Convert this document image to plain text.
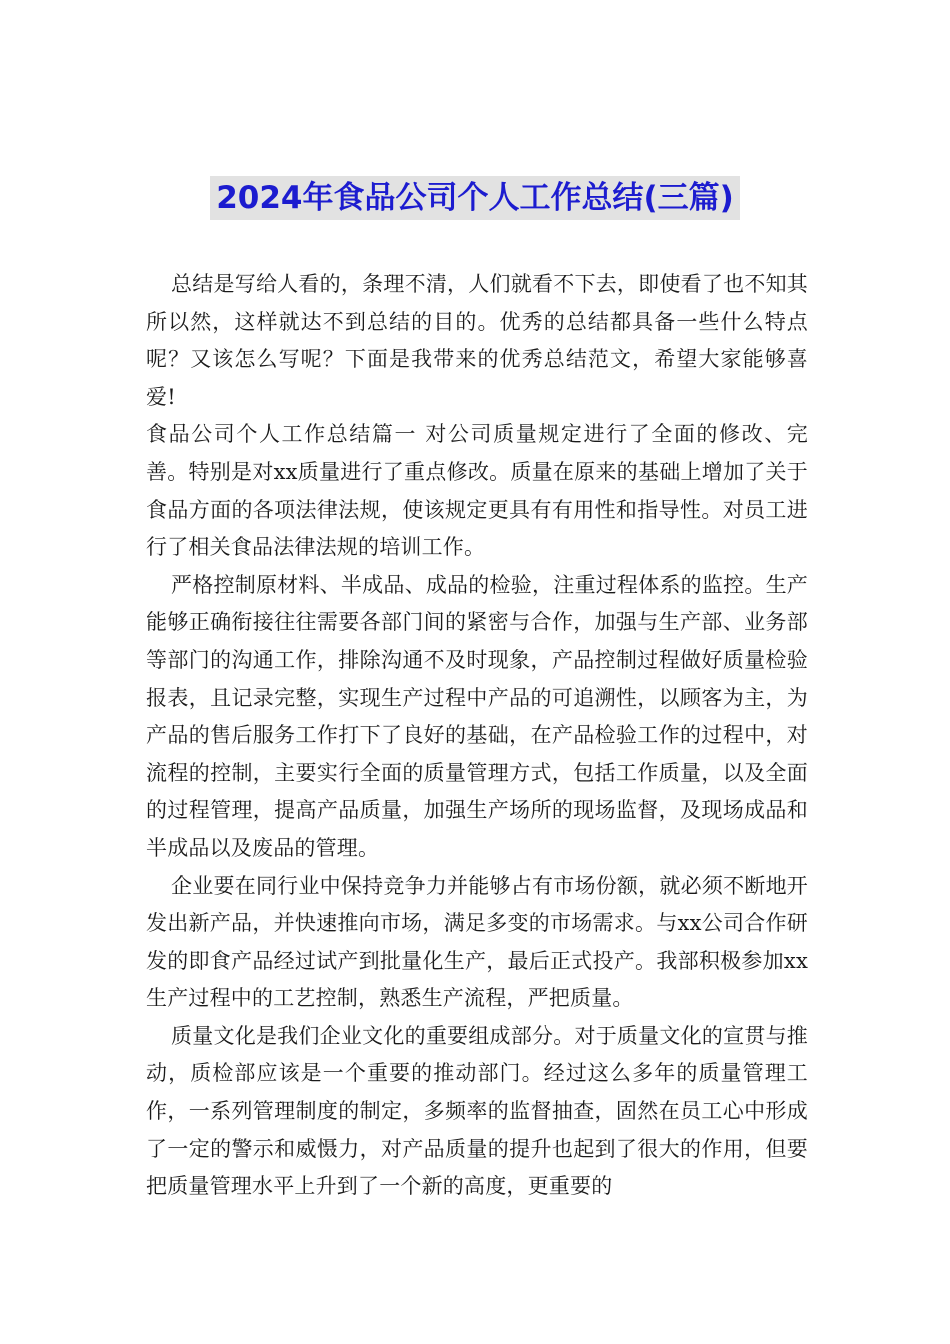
2024年食品公司个人工作总结(三篇)

总结是写给人看的，条理不清，人们就看不下去，即使看了也不知其所以然，这样就达不到总结的目的。优秀的总结都具备一些什么特点呢？又该怎么写呢？下面是我带来的优秀总结范文，希望大家能够喜爱!

食品公司个人工作总结篇一 对公司质量规定进行了全面的修改、完善。特别是对xx质量进行了重点修改。质量在原来的基础上增加了关于食品方面的各项法律法规，使该规定更具有有用性和指导性。对员工进行了相关食品法律法规的培训工作。

严格控制原材料、半成品、成品的检验，注重过程体系的监控。生产能够正确衔接往往需要各部门间的紧密与合作，加强与生产部、业务部等部门的沟通工作，排除沟通不及时现象，产品控制过程做好质量检验报表，且记录完整，实现生产过程中产品的可追溯性，以顾客为主，为产品的售后服务工作打下了良好的基础，在产品检验工作的过程中，对流程的控制，主要实行全面的质量管理方式，包括工作质量，以及全面的过程管理，提高产品质量，加强生产场所的现场监督，及现场成品和半成品以及废品的管理。

企业要在同行业中保持竞争力并能够占有市场份额，就必须不断地开发出新产品，并快速推向市场，满足多变的市场需求。与xx公司合作研发的即食产品经过试产到批量化生产，最后正式投产。我部积极参加xx生产过程中的工艺控制，熟悉生产流程，严把质量。

质量文化是我们企业文化的重要组成部分。对于质量文化的宣贯与推动，质检部应该是一个重要的推动部门。经过这么多年的质量管理工作，一系列管理制度的制定，多频率的监督抽查，固然在员工心中形成了一定的警示和威慑力，对产品质量的提升也起到了很大的作用，但要把质量管理水平上升到了一个新的高度，更重要的
